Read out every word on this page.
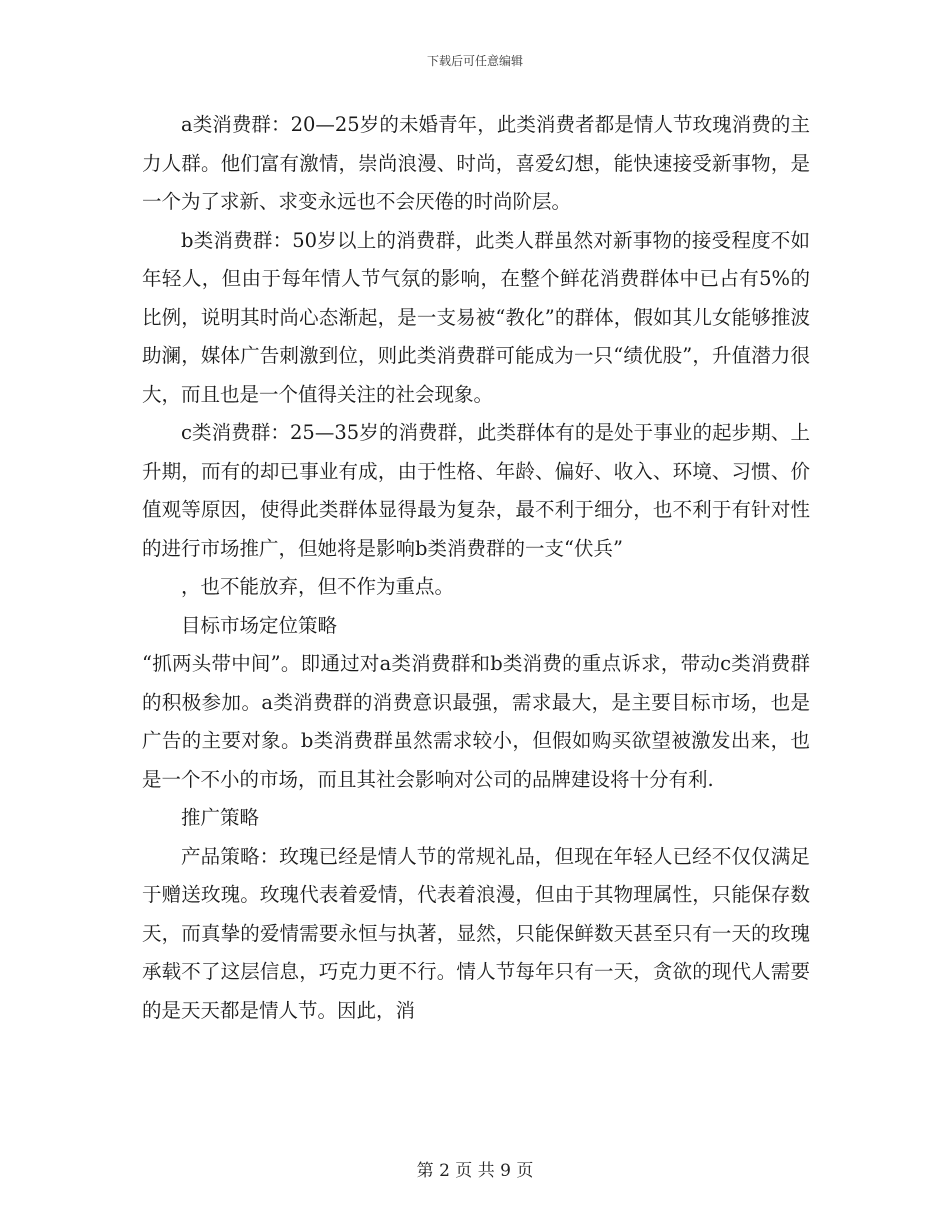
下载后可任意编辑

a类消费群：20—25岁的未婚青年，此类消费者都是情人节玫瑰消费的主力人群。他们富有激情，崇尚浪漫、时尚，喜爱幻想，能快速接受新事物，是一个为了求新、求变永远也不会厌倦的时尚阶层。

b类消费群：50岁以上的消费群，此类人群虽然对新事物的接受程度不如年轻人，但由于每年情人节气氛的影响，在整个鲜花消费群体中已占有5%的比例，说明其时尚心态渐起，是一支易被“教化”的群体，假如其儿女能够推波助澜，媒体广告刺激到位，则此类消费群可能成为一只“绩优股”，升值潜力很大，而且也是一个值得关注的社会现象。

c类消费群：25—35岁的消费群，此类群体有的是处于事业的起步期、上升期，而有的却已事业有成，由于性格、年龄、偏好、收入、环境、习惯、价值观等原因，使得此类群体显得最为复杂，最不利于细分，也不利于有针对性的进行市场推广，但她将是影响b类消费群的一支“伏兵”

，也不能放弃，但不作为重点。

目标市场定位策略

“抓两头带中间”。即通过对a类消费群和b类消费的重点诉求，带动c类消费群的积极参加。a类消费群的消费意识最强，需求最大，是主要目标市场，也是广告的主要对象。b类消费群虽然需求较小，但假如购买欲望被激发出来，也是一个不小的市场，而且其社会影响对公司的品牌建设将十分有利.

推广策略

产品策略：玫瑰已经是情人节的常规礼品，但现在年轻人已经不仅仅满足于赠送玫瑰。玫瑰代表着爱情，代表着浪漫，但由于其物理属性，只能保存数天，而真挚的爱情需要永恒与执著，显然，只能保鲜数天甚至只有一天的玫瑰承载不了这层信息，巧克力更不行。情人节每年只有一天，贪欲的现代人需要的是天天都是情人节。因此，消

第 2 页 共 9 页
